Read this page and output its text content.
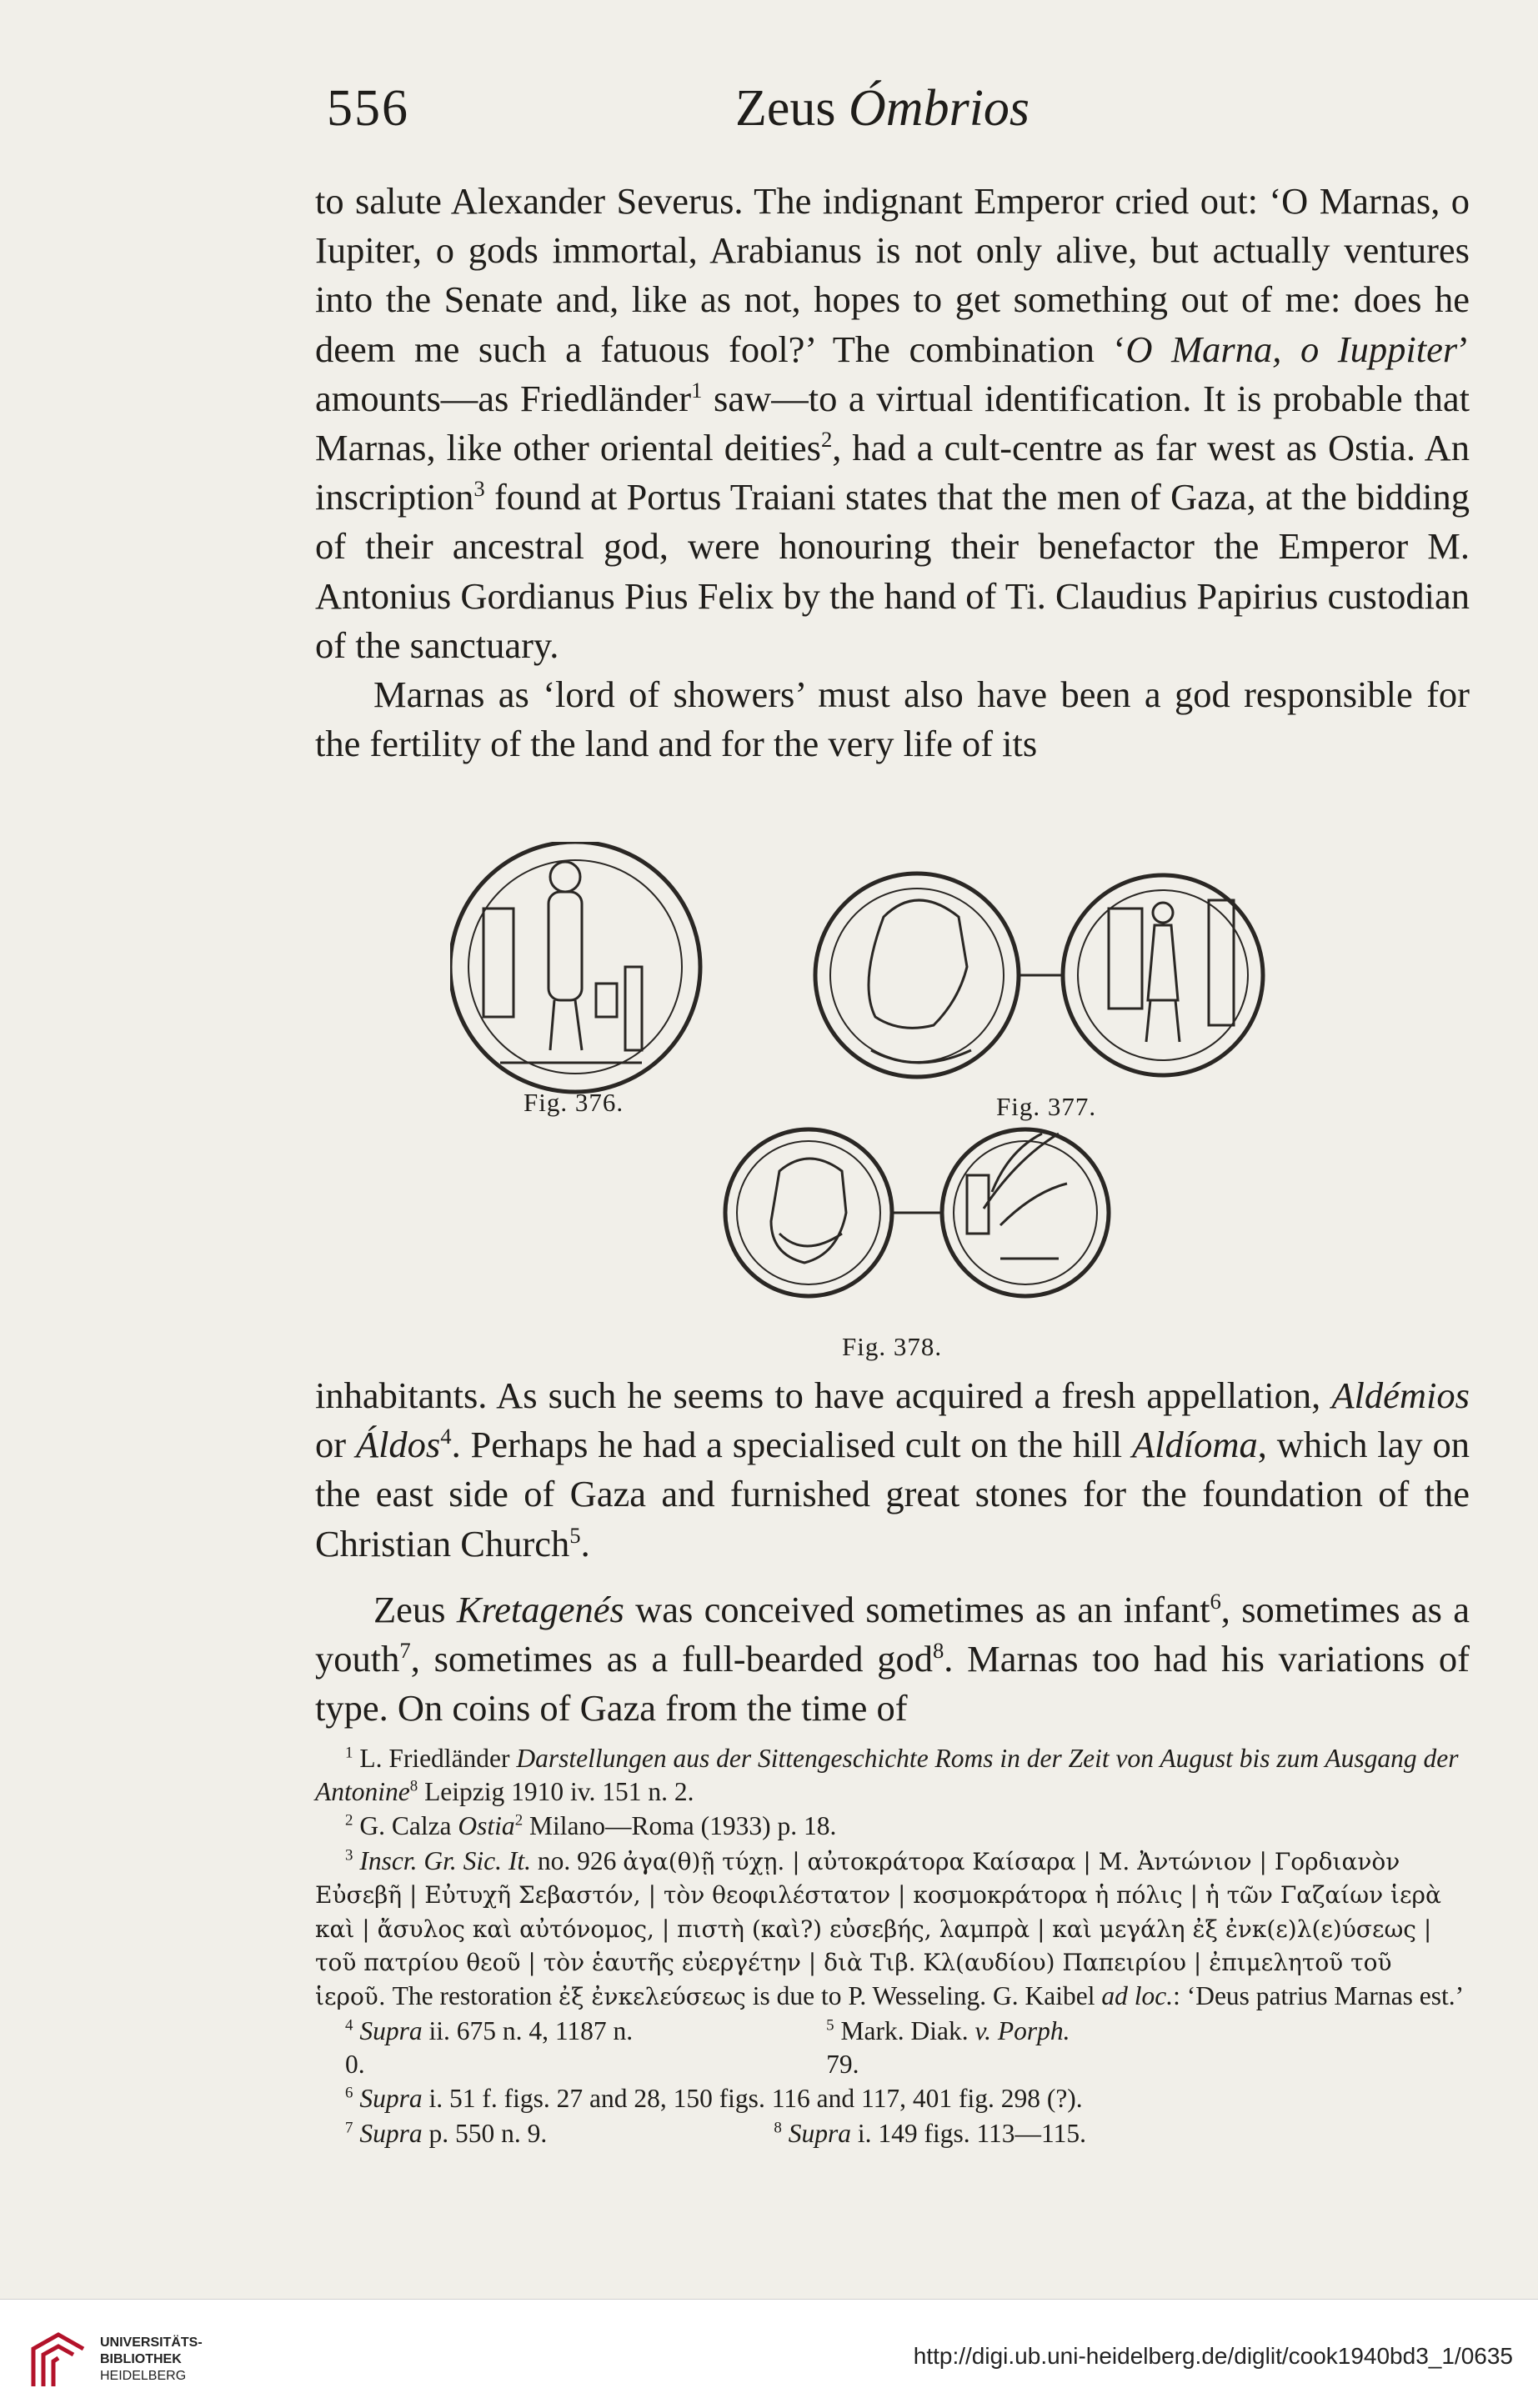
556	Zeus Ómbrios

to salute Alexander Severus. The indignant Emperor cried out: ‘O Marnas, o Iupiter, o gods immortal, Arabianus is not only alive, but actually ventures into the Senate and, like as not, hopes to get something out of me: does he deem me such a fatuous fool?’ The combination ‘O Marna, o Iuppiter’ amounts—as Friedländer$^1$ saw—to a virtual identification. It is probable that Marnas, like other oriental deities$^2$, had a cult-centre as far west as Ostia. An inscription$^3$ found at Portus Traiani states that the men of Gaza, at the bidding of their ancestral god, were honouring their benefactor the Emperor M. Antonius Gordianus Pius Felix by the hand of Ti. Claudius Papirius custodian of the sanctuary.

Marnas as ‘lord of showers’ must also have been a god responsible for the fertility of the land and for the very life of its

Fig. 376.	Fig. 377.
Fig. 378.

inhabitants. As such he seems to have acquired a fresh appellation, Aldémios or Áldos$^4$. Perhaps he had a specialised cult on the hill Aldíoma, which lay on the east side of Gaza and furnished great stones for the foundation of the Christian Church$^5$.

Zeus Kretagenés was conceived sometimes as an infant$^6$, sometimes as a youth$^7$, sometimes as a full-bearded god$^8$. Marnas too had his variations of type. On coins of Gaza from the time of

$^1$ L. Friedländer Darstellungen aus der Sittengeschichte Roms in der Zeit von August bis zum Ausgang der Antonine$^8$ Leipzig 1910 iv. 151 n. 2.

$^2$ G. Calza Ostia$^2$ Milano—Roma (1933) p. 18.

$^3$ Inscr. Gr. Sic. It. no. 926 ἀγα(θ)ῇ τύχῃ. | αὐτοκράτορα Καίσαρα | Μ. Ἀντώνιον | Γορδιανὸν Εὐσεβῆ | Εὐτυχῆ Σεβαστόν, | τὸν θεοφιλέστατον | κοσμοκράτορα ἡ πόλις | ἡ τῶν Γαζαίων ἱερὰ καὶ | ἄσυλος καὶ αὐτόνομος, | πιστὴ (καὶ?) εὐσεβής, λαμπρὰ | καὶ μεγάλη ἐξ ἐνκ(ε)λ(ε)ύσεως | τοῦ πατρίου θεοῦ | τὸν ἑαυτῆς εὐεργέτην | διὰ Τιβ. Κλ(αυδίου) Παπειρίου | ἐπιμελητοῦ τοῦ ἱεροῦ. The restoration ἐξ ἐνκελεύσεως is due to P. Wesseling. G. Kaibel ad loc.: ‘Deus patrius Marnas est.’

$^4$ Supra ii. 675 n. 4, 1187 n. 0.
$^5$ Mark. Diak. v. Porph. 79.

$^6$ Supra i. 51 f. figs. 27 and 28, 150 figs. 116 and 117, 401 fig. 298 (?).

$^7$ Supra p. 550 n. 9.	$^8$ Supra i. 149 figs. 113—115.

UNIVERSITÄTS-
BIBLIOTHEK
HEIDELBERG
http://digi.ub.uni-heidelberg.de/diglit/cook1940bd3_1/0635
